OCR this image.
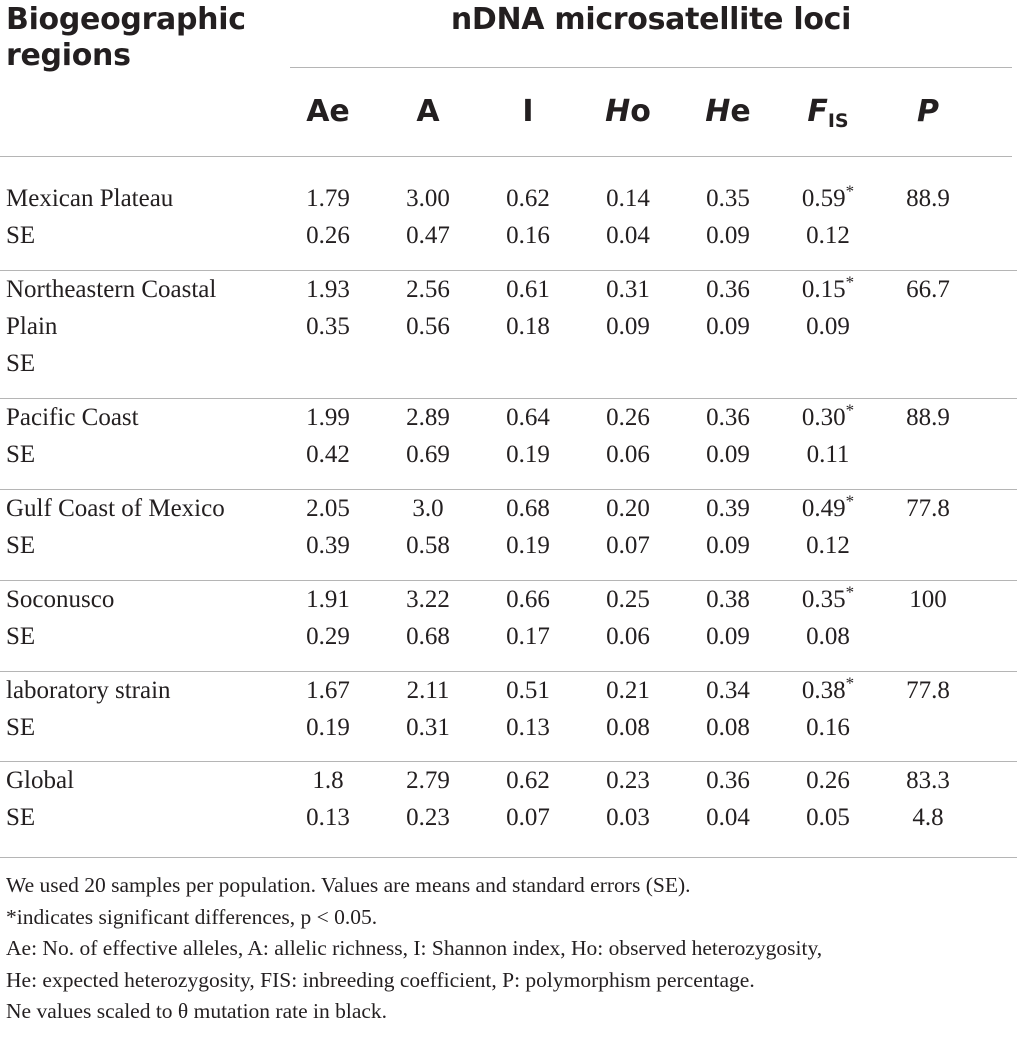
Biogeographic regions
nDNA microsatellite loci
Ae	A	I	Ho	He	$F_{IS}$	P
Mexican Plateau	1.79	3.00	0.62	0.14	0.35	0.59*	88.9
SE	0.26	0.47	0.16	0.04	0.09	0.12
Northeastern Coastal	1.93	2.56	0.61	0.31	0.36	0.15*	66.7
Plain	0.35	0.56	0.18	0.09	0.09	0.09
SE
Pacific Coast	1.99	2.89	0.64	0.26	0.36	0.30*	88.9
SE	0.42	0.69	0.19	0.06	0.09	0.11
Gulf Coast of Mexico	2.05	3.0	0.68	0.20	0.39	0.49*	77.8
SE	0.39	0.58	0.19	0.07	0.09	0.12
Soconusco	1.91	3.22	0.66	0.25	0.38	0.35*	100
SE	0.29	0.68	0.17	0.06	0.09	0.08
laboratory strain	1.67	2.11	0.51	0.21	0.34	0.38*	77.8
SE	0.19	0.31	0.13	0.08	0.08	0.16
Global	1.8	2.79	0.62	0.23	0.36	0.26	83.3
SE	0.13	0.23	0.07	0.03	0.04	0.05	4.8

We used 20 samples per population. Values are means and standard errors (SE).

*indicates significant differences, p < 0.05.

Ae: No. of effective alleles, A: allelic richness, I: Shannon index, Ho: observed heterozygosity,

He: expected heterozygosity, FIS: inbreeding coefficient, P: polymorphism percentage.

Ne values scaled to θ mutation rate in black.
